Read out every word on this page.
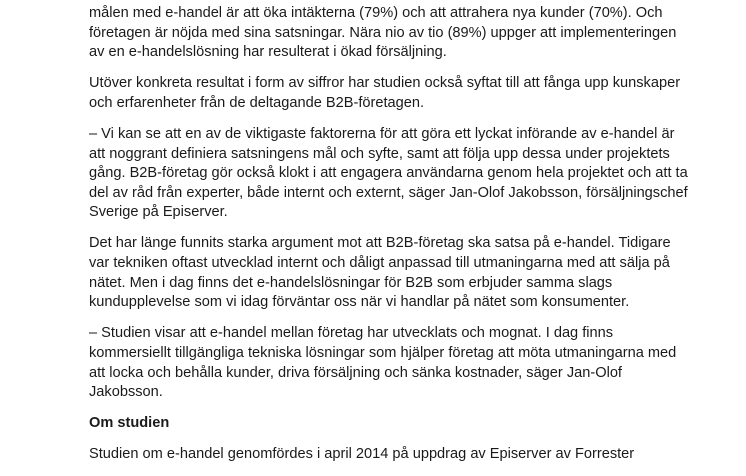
målen med e-handel är att öka intäkterna (79%) och att attrahera nya kunder (70%). Och
företagen är nöjda med sina satsningar. Nära nio av tio (89%) uppger att implementeringen
av en e-handelslösning har resulterat i ökad försäljning.
Utöver konkreta resultat i form av siffror har studien också syftat till att fånga upp kunskaper
och erfarenheter från de deltagande B2B-företagen.
– Vi kan se att en av de viktigaste faktorerna för att göra ett lyckat införande av e-handel är
att noggrant definiera satsningens mål och syfte, samt att följa upp dessa under projektets
gång. B2B-företag gör också klokt i att engagera användarna genom hela projektet och att ta
del av råd från experter, både internt och externt, säger Jan-Olof Jakobsson, försäljningschef
Sverige på Episerver.
Det har länge funnits starka argument mot att B2B-företag ska satsa på e-handel. Tidigare
var tekniken oftast utvecklad internt och dåligt anpassad till utmaningarna med att sälja på
nätet. Men i dag finns det e-handelslösningar för B2B som erbjuder samma slags
kundupplevelse som vi idag förväntar oss när vi handlar på nätet som konsumenter.
– Studien visar att e-handel mellan företag har utvecklats och mognat. I dag finns
kommersiellt tillgängliga tekniska lösningar som hjälper företag att möta utmaningarna med
att locka och behålla kunder, driva försäljning och sänka kostnader, säger Jan-Olof
Jakobsson.
Om studien
Studien om e-handel genomfördes i april 2014 på uppdrag av Episerver av Forrester
